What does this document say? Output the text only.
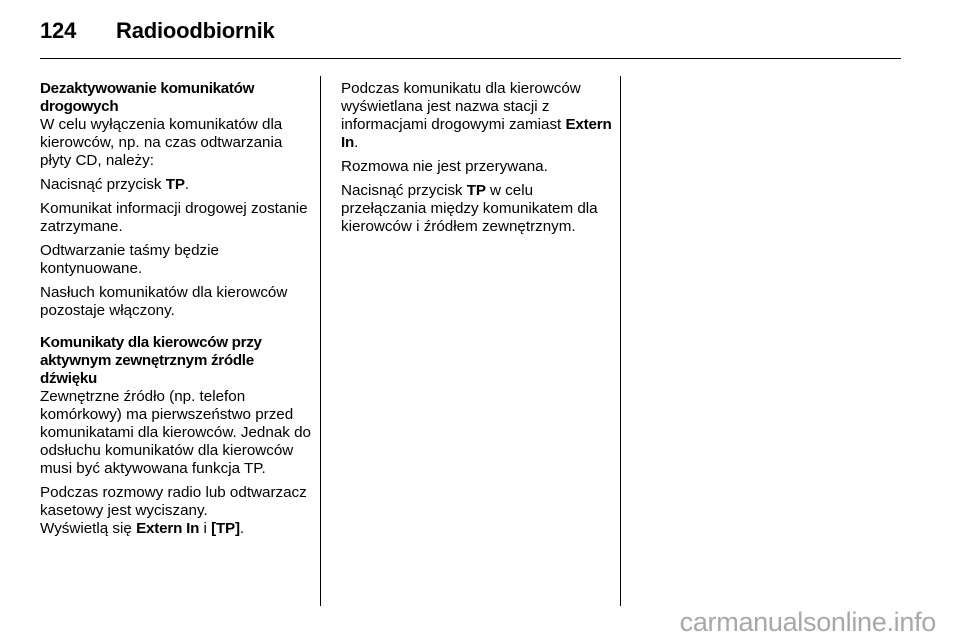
124 Radioodbiornik
Dezaktywowanie komunikatów drogowych

W celu wyłączenia komunikatów dla kierowców, np. na czas odtwarzania płyty CD, należy:

Nacisnąć przycisk TP.

Komunikat informacji drogowej zostanie zatrzymane.

Odtwarzanie taśmy będzie kontynuowane.

Nasłuch komunikatów dla kierowców pozostaje włączony.

Komunikaty dla kierowców przy aktywnym zewnętrznym źródle dźwięku

Zewnętrzne źródło (np. telefon komórkowy) ma pierwszeństwo przed komunikatami dla kierowców. Jednak do odsłuchu komunikatów dla kierowców musi być aktywowana funkcja TP.

Podczas rozmowy radio lub odtwarzacz kasetowy jest wyciszany.

Wyświetlą się Extern In i [TP].

Podczas komunikatu dla kierowców wyświetlana jest nazwa stacji z informacjami drogowymi zamiast Extern In.

Rozmowa nie jest przerywana.

Nacisnąć przycisk TP w celu przełączania między komunikatem dla kierowców i źródłem zewnętrznym.

carmanualsonline.info
